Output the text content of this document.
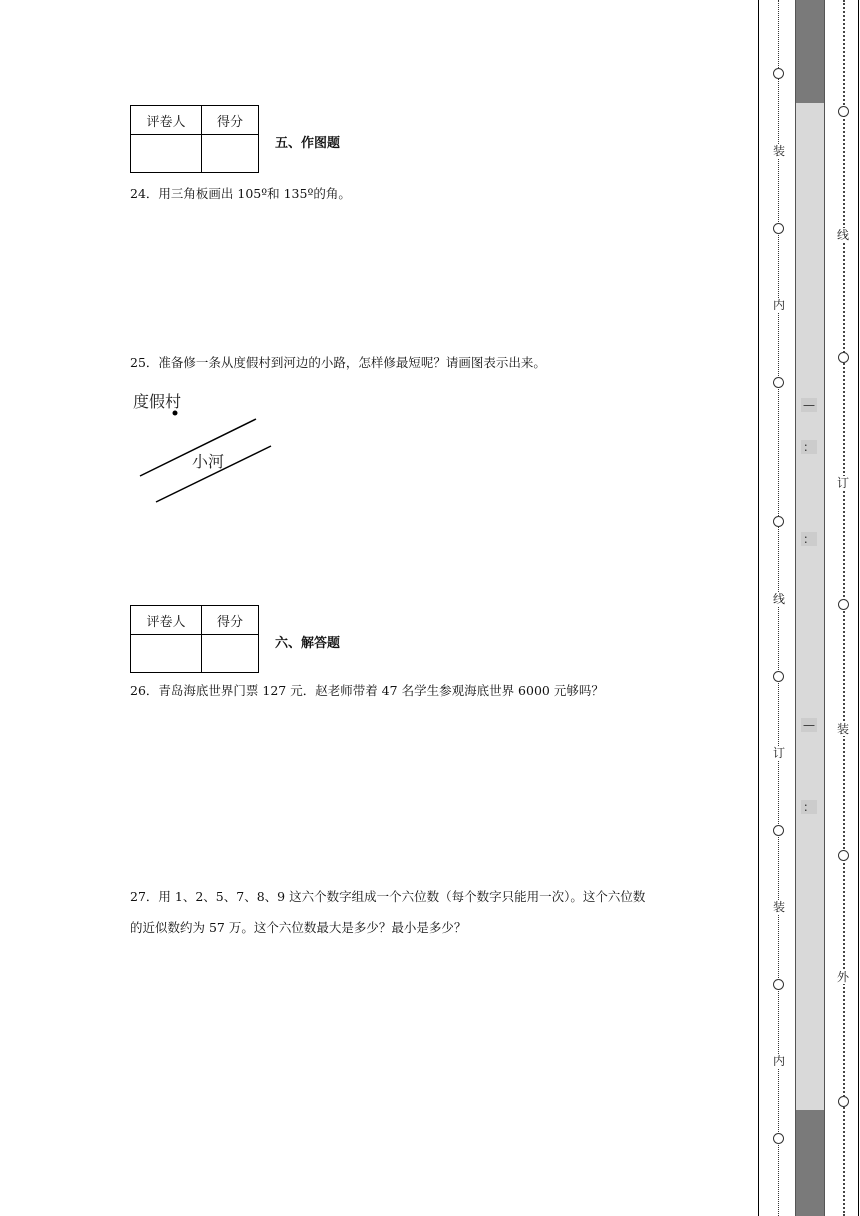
评卷人	得分

五、作图题
24．用三角板画出 105º和 135º的角。
25．准备修一条从度假村到河边的小路，怎样修最短呢？请画图表示出来。
度假村
小河
评卷人	得分

六、解答题
26．青岛海底世界门票 127 元．赵老师带着 47 名学生参观海底世界 6000 元够吗？
27．用 1、2、5、7、8、9 这六个数字组成一个六位数（每个数字只能用一次）。这个六位数
的近似数约为 57 万。这个六位数最大是多少？最小是多少？
装
内
线
订
装
内
—
：
：
—
：
线
订
装
外
